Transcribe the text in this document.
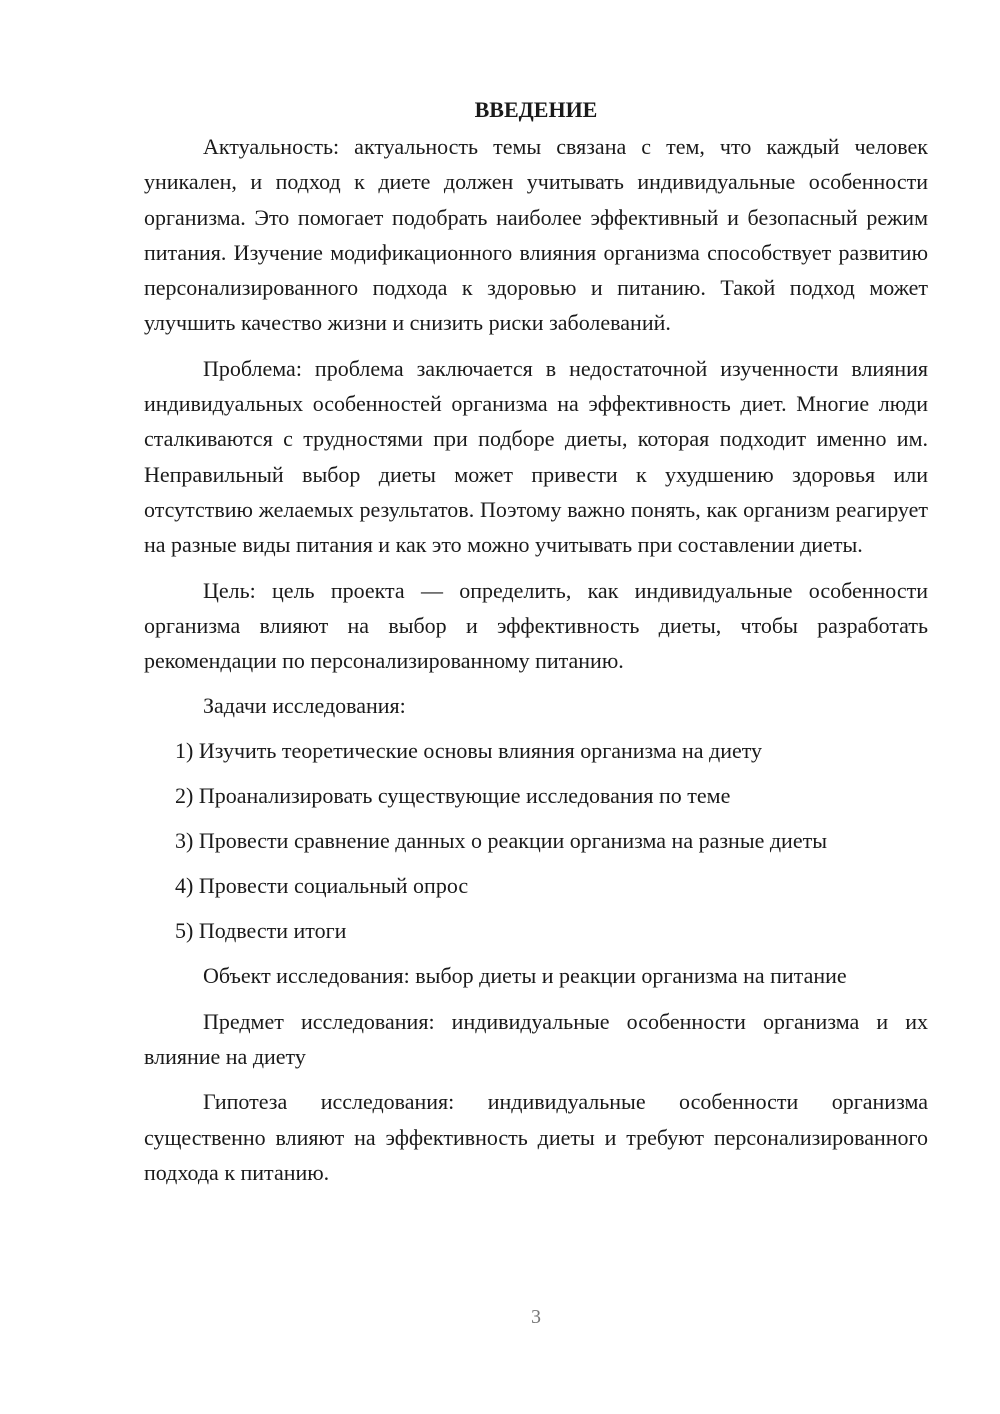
ВВЕДЕНИЕ

Актуальность: актуальность темы связана с тем, что каждый человек уникален, и подход к диете должен учитывать индивидуальные особенности организма. Это помогает подобрать наиболее эффективный и безопасный режим питания. Изучение модификационного влияния организма способствует развитию персонализированного подхода к здоровью и питанию. Такой подход может улучшить качество жизни и снизить риски заболеваний.

Проблема: проблема заключается в недостаточной изученности влияния индивидуальных особенностей организма на эффективность диет. Многие люди сталкиваются с трудностями при подборе диеты, которая подходит именно им. Неправильный выбор диеты может привести к ухудшению здоровья или отсутствию желаемых результатов. Поэтому важно понять, как организм реагирует на разные виды питания и как это можно учитывать при составлении диеты.

Цель: цель проекта — определить, как индивидуальные особенности организма влияют на выбор и эффективность диеты, чтобы разработать рекомендации по персонализированному питанию.

Задачи исследования:

1) Изучить теоретические основы влияния организма на диету

2) Проанализировать существующие исследования по теме

3) Провести сравнение данных о реакции организма на разные диеты

4) Провести социальный опрос

5) Подвести итоги

Объект исследования: выбор диеты и реакции организма на питание

Предмет исследования: индивидуальные особенности организма и их влияние на диету

Гипотеза исследования: индивидуальные особенности организма существенно влияют на эффективность диеты и требуют персонализированного подхода к питанию.

3
